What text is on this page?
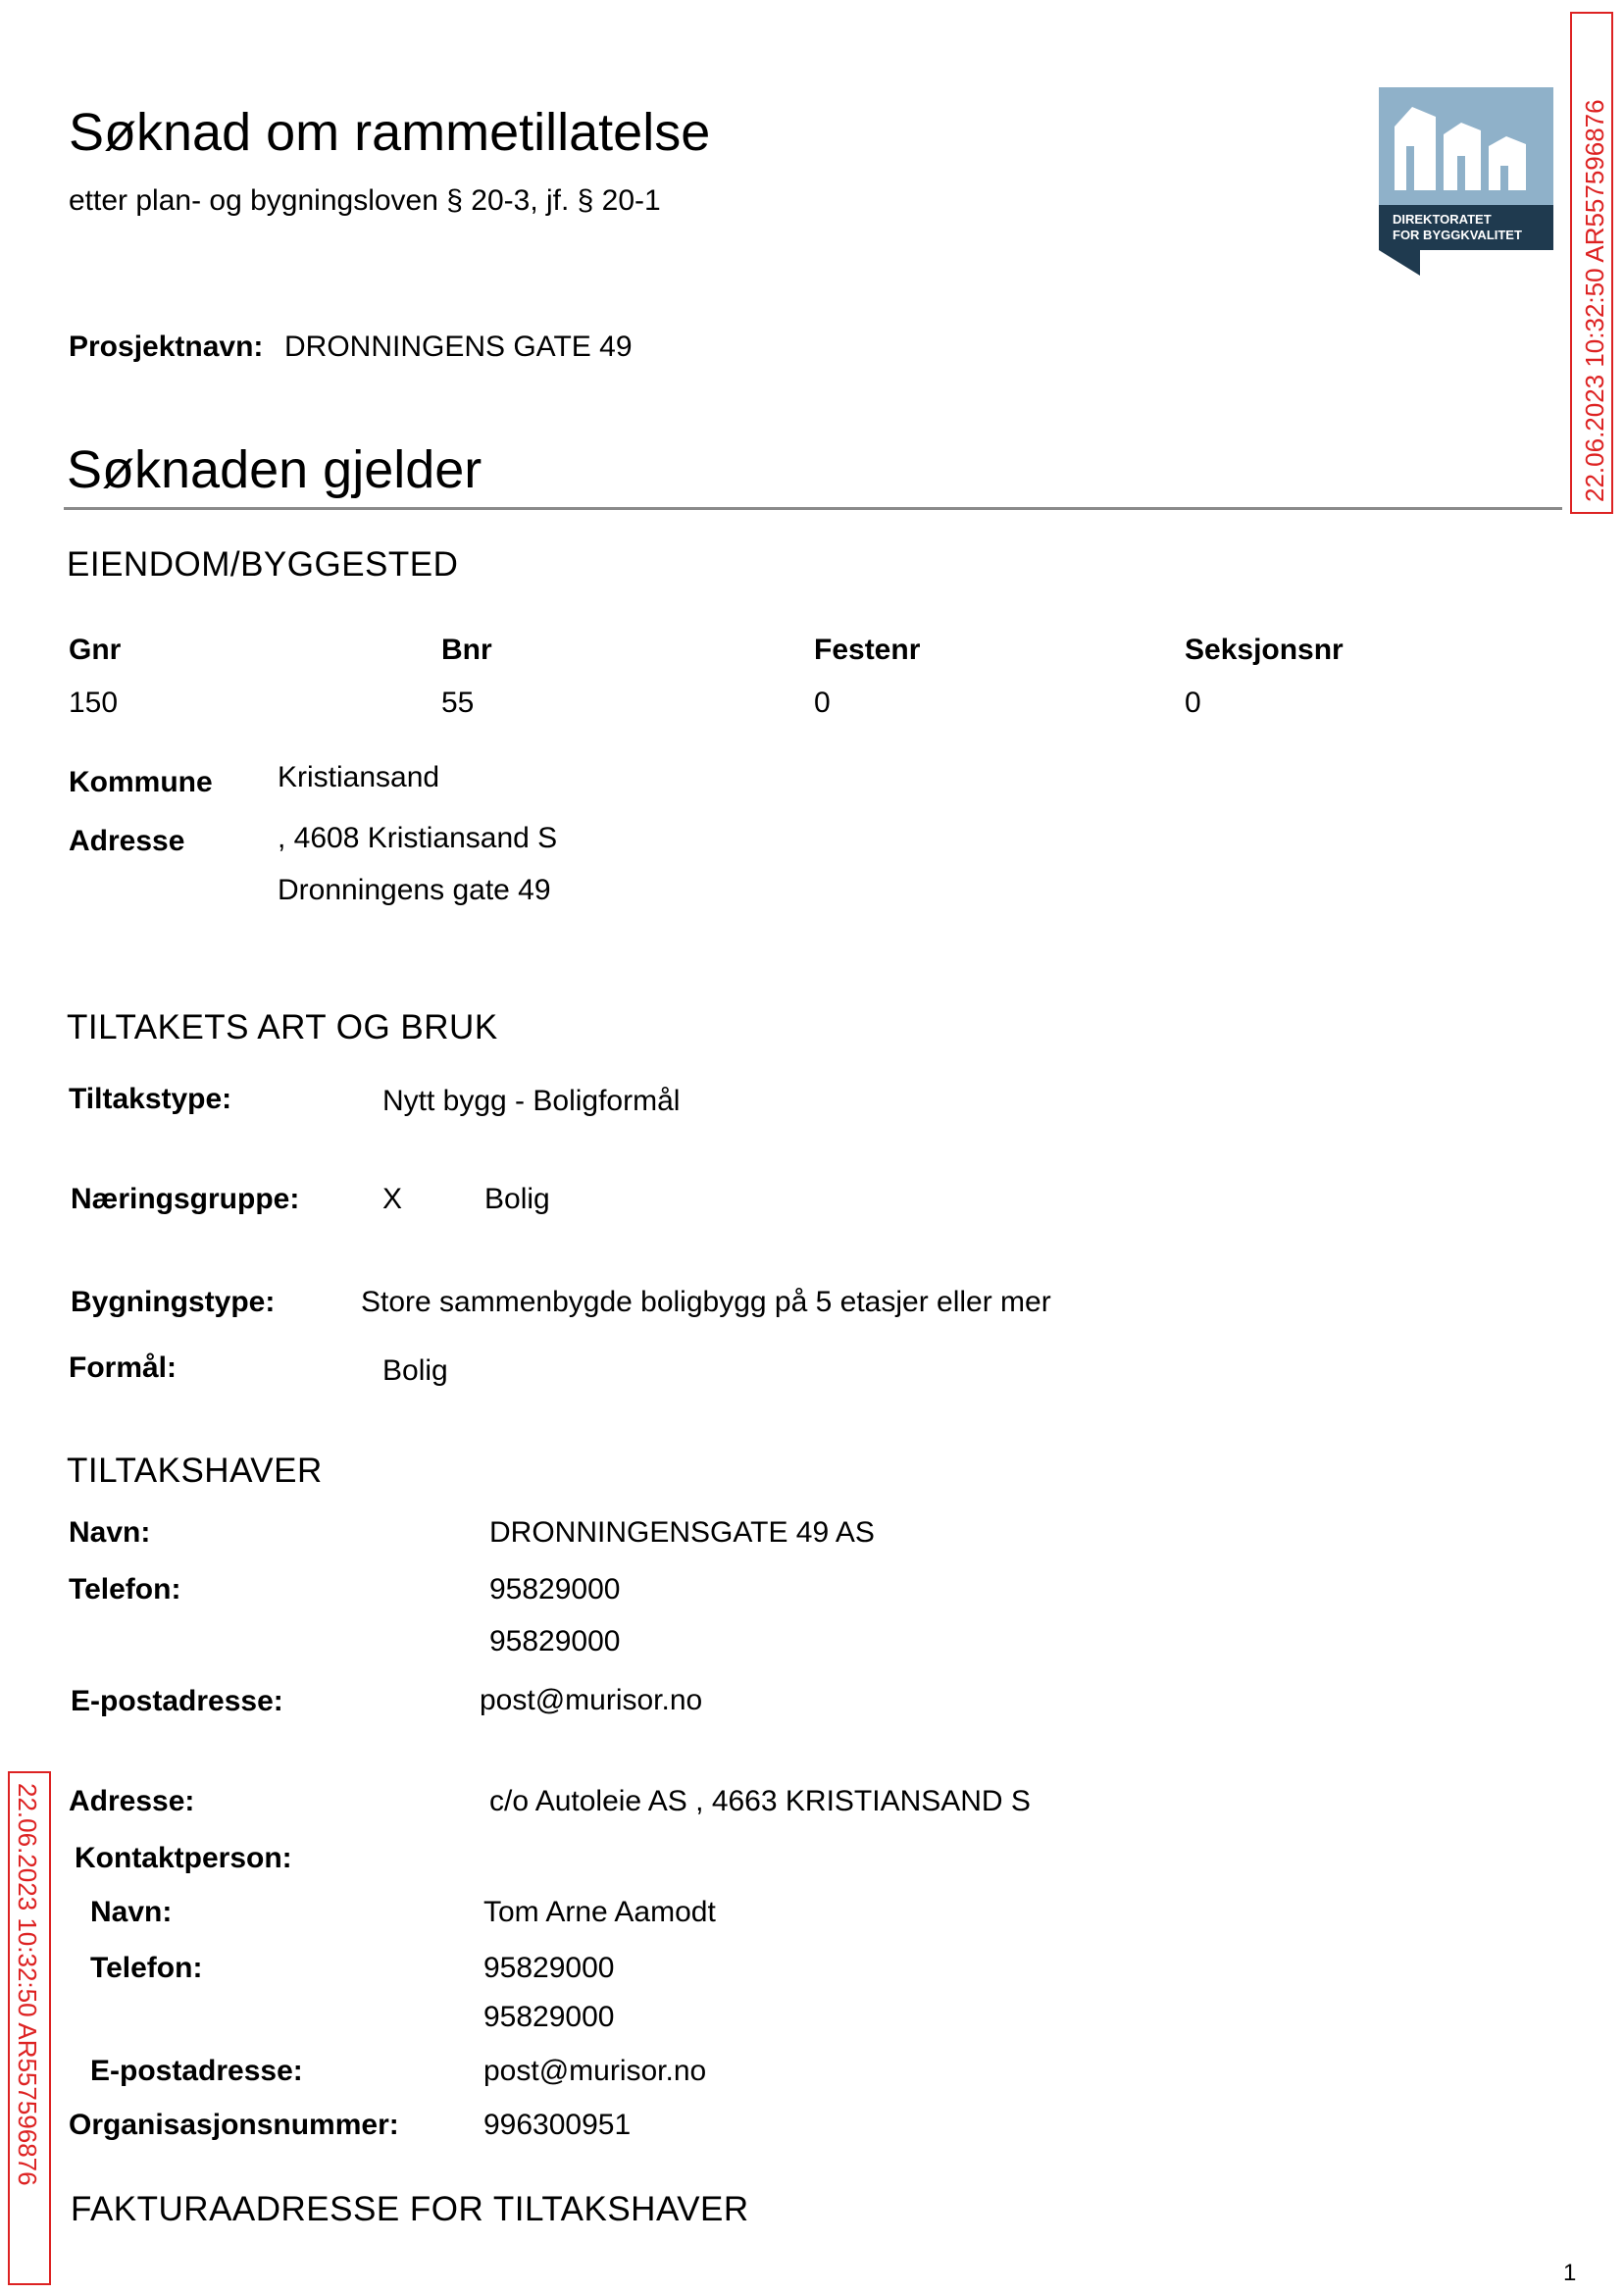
Søknad om rammetillatelse
etter plan- og bygningsloven § 20-3, jf. § 20-1
DIREKTORATET
FOR BYGGKVALITET 22.06.2023 10:32:50 AR557596876
22.06.2023 10:32:50 AR557596876
Prosjektnavn: DRONNINGENS GATE 49
Søknaden gjelder
EIENDOM/BYGGESTED
Gnr	Bnr	Festenr	Seksjonsnr
150	55	0	0
Kommune Kristiansand
Adresse	, 4608 Kristiansand S
Dronningens gate 49
TILTAKETS ART OG BRUK
Tiltakstype:	Nytt bygg - Boligformål
Næringsgruppe:	X	Bolig
Bygningstype:	Store sammenbygde boligbygg på 5 etasjer eller mer
Formål:	Bolig
TILTAKSHAVER
Navn:	DRONNINGENSGATE 49 AS
Telefon:	95829000
95829000
E-postadresse:	post@murisor.no
Adresse:	c/o Autoleie AS , 4663 KRISTIANSAND S
Kontaktperson:
Navn:	Tom Arne Aamodt
Telefon:	95829000
95829000
E-postadresse:	post@murisor.no
Organisasjonsnummer:	996300951
FAKTURAADRESSE FOR TILTAKSHAVER
1
